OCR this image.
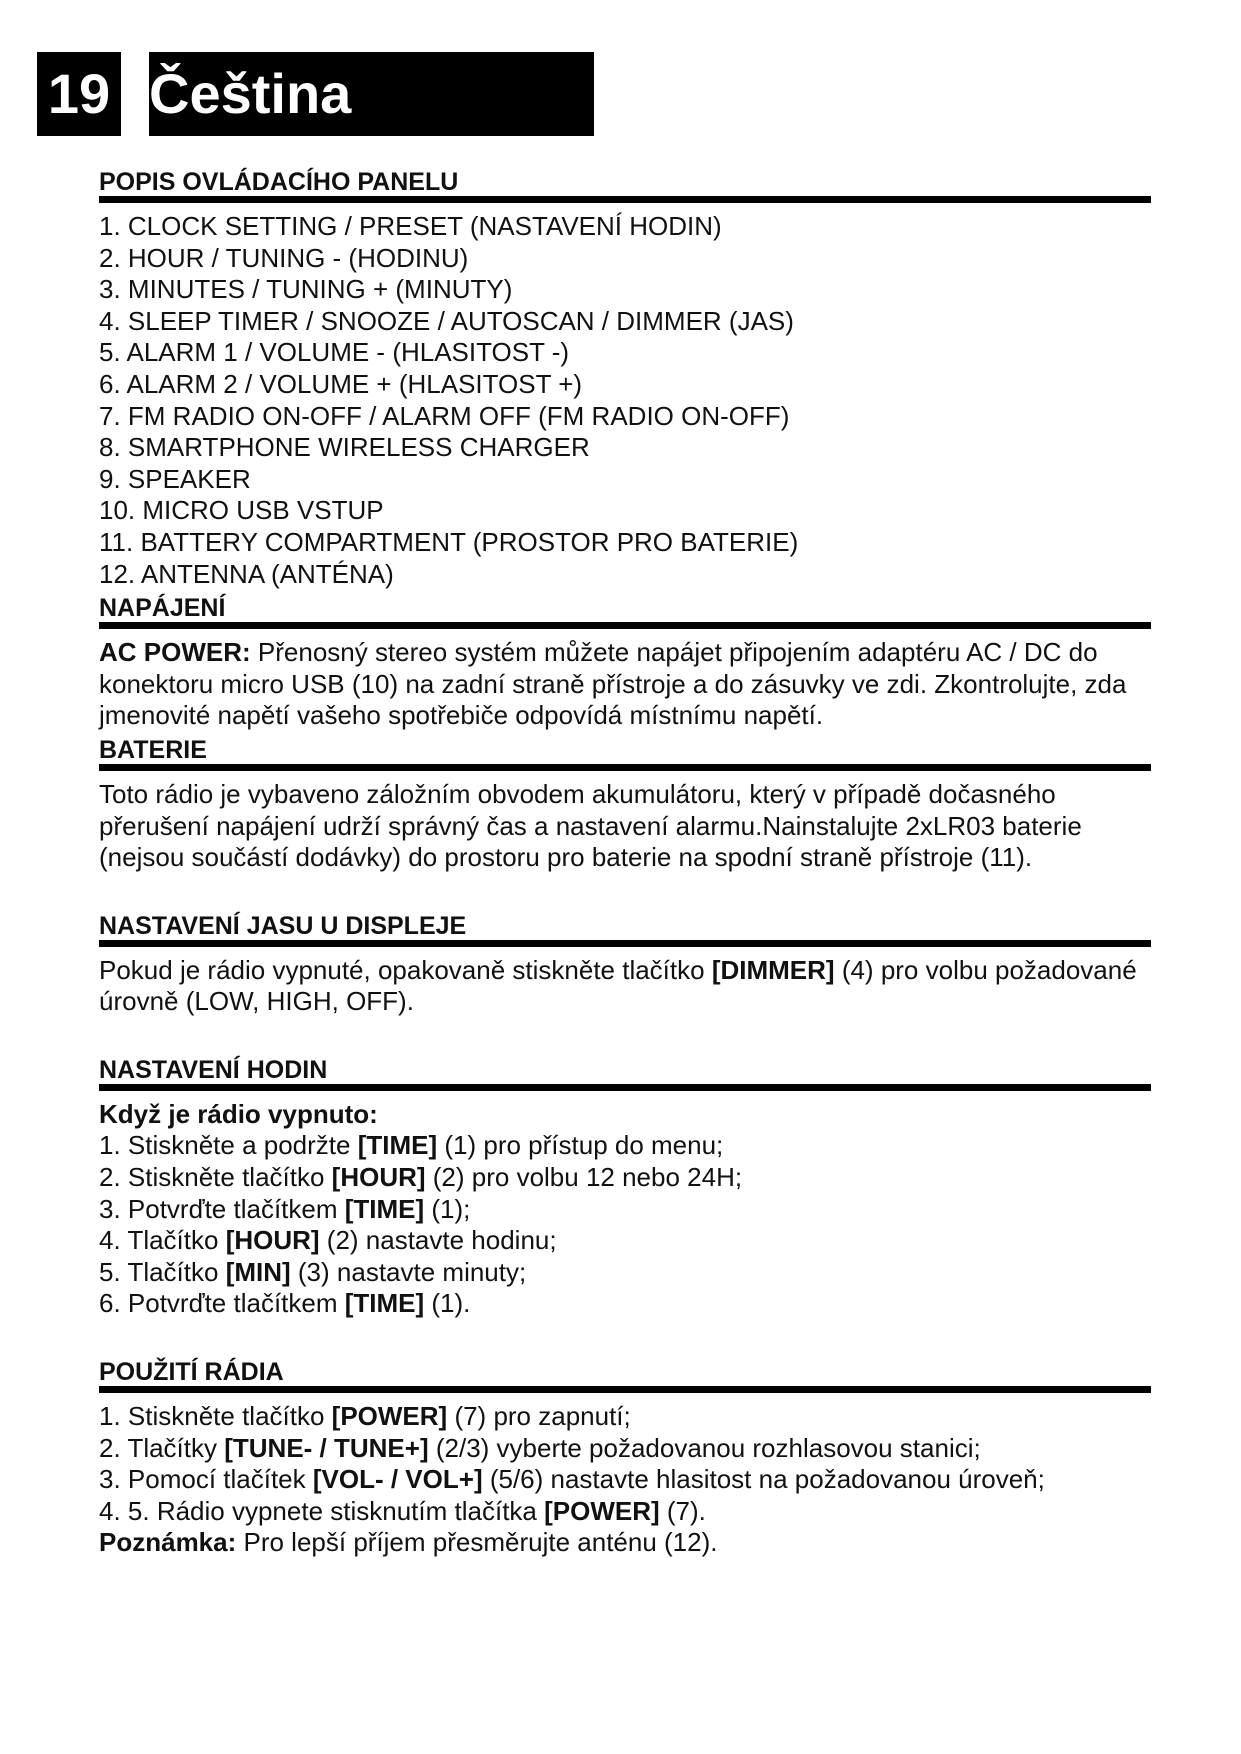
19 Čeština
POPIS OVLÁDACÍHO PANELU
1. CLOCK SETTING / PRESET (NASTAVENÍ HODIN)
2. HOUR / TUNING - (HODINU)
3. MINUTES / TUNING + (MINUTY)
4. SLEEP TIMER / SNOOZE / AUTOSCAN / DIMMER (JAS)
5. ALARM 1 / VOLUME - (HLASITOST -)
6. ALARM 2 / VOLUME + (HLASITOST +)
7. FM RADIO ON-OFF / ALARM OFF (FM RADIO ON-OFF)
8. SMARTPHONE WIRELESS CHARGER
9. SPEAKER
10. MICRO USB VSTUP
11. BATTERY COMPARTMENT (PROSTOR PRO BATERIE)
12. ANTENNA (ANTÉNA)
NAPÁJENÍ

AC POWER: Přenosný stereo systém můžete napájet připojením adaptéru AC / DC do konektoru micro USB (10) na zadní straně přístroje a do zásuvky ve zdi. Zkontrolujte, zda jmenovité napětí vašeho spotřebiče odpovídá místnímu napětí.

BATERIE

Toto rádio je vybaveno záložním obvodem akumulátoru, který v případě dočasného přerušení napájení udrží správný čas a nastavení alarmu.Nainstalujte 2xLR03 baterie (nejsou součástí dodávky) do prostoru pro baterie na spodní straně přístroje (11).

NASTAVENÍ JASU U DISPLEJE

Pokud je rádio vypnuté, opakovaně stiskněte tlačítko [DIMMER] (4) pro volbu požadované úrovně (LOW, HIGH, OFF).

NASTAVENÍ HODIN
Když je rádio vypnuto:
1. Stiskněte a podržte [TIME] (1) pro přístup do menu;
2. Stiskněte tlačítko [HOUR] (2) pro volbu 12 nebo 24H;
3. Potvrďte tlačítkem [TIME] (1);
4. Tlačítko [HOUR] (2) nastavte hodinu;
5. Tlačítko [MIN] (3) nastavte minuty;
6. Potvrďte tlačítkem [TIME] (1).
POUŽITÍ RÁDIA
1. Stiskněte tlačítko [POWER] (7) pro zapnutí;
2. Tlačítky [TUNE- / TUNE+] (2/3) vyberte požadovanou rozhlasovou stanici;
3. Pomocí tlačítek [VOL- / VOL+] (5/6) nastavte hlasitost na požadovanou úroveň;
4. 5. Rádio vypnete stisknutím tlačítka [POWER] (7).

Poznámka: Pro lepší příjem přesměrujte anténu (12).
